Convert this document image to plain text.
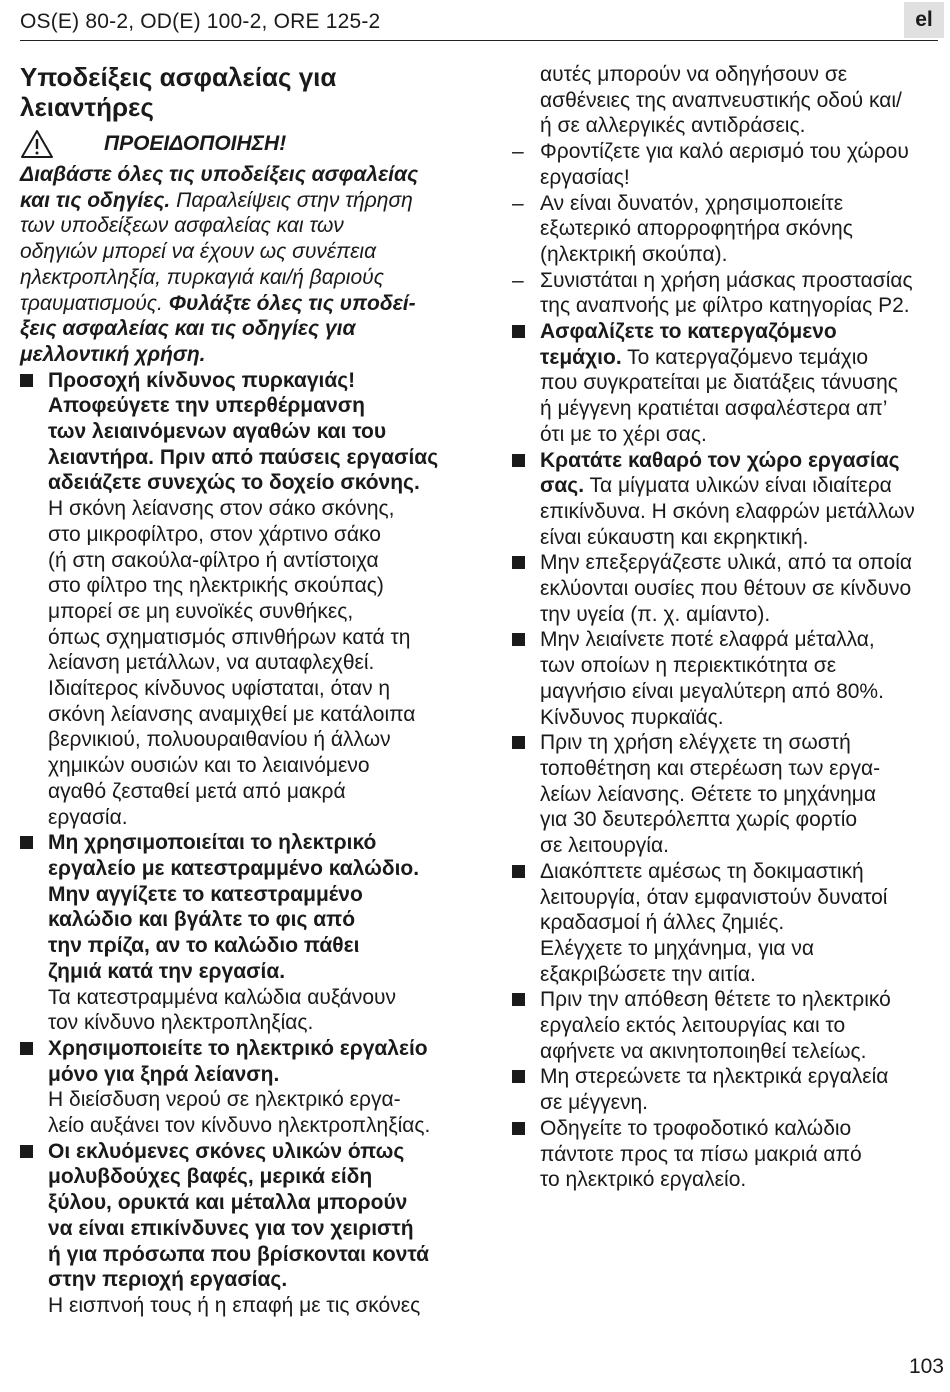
OS(E) 80-2, OD(E) 100-2, ORE 125-2	el
Υποδείξεις ασφαλείας για
λειαντήρες
ΠΡΟΕΙΔΟΠΟΙΗΣΗ!
Διαβάστε όλες τις υποδείξεις ασφαλείας
και τις οδηγίες. Παραλείψεις στην τήρηση
των υποδείξεων ασφαλείας και των
οδηγιών μπορεί να έχουν ως συνέπεια
ηλεκτροπληξία, πυρκαγιά και/ή βαριούς
τραυματισμούς. Φυλάξτε όλες τις υποδεί-
ξεις ασφαλείας και τις οδηγίες για
μελλοντική χρήση.
Προσοχή κίνδυνος πυρκαγιάς!
Αποφεύγετε την υπερθέρμανση
των λειαινόμενων αγαθών και του
λειαντήρα. Πριν από παύσεις εργασίας
αδειάζετε συνεχώς το δοχείο σκόνης.
Η σκόνη λείανσης στον σάκο σκόνης,
στο μικροφίλτρο, στον χάρτινο σάκο
(ή στη σακούλα-φίλτρο ή αντίστοιχα
στο φίλτρο της ηλεκτρικής σκούπας)
μπορεί σε μη ευνοϊκές συνθήκες,
όπως σχηματισμός σπινθήρων κατά τη
λείανση μετάλλων, να αυταφλεχθεί.
Ιδιαίτερος κίνδυνος υφίσταται, όταν η
σκόνη λείανσης αναμιχθεί με κατάλοιπα
βερνικιού, πολυουραιθανίου ή άλλων
χημικών ουσιών και το λειαινόμενο
αγαθό ζεσταθεί μετά από μακρά
εργασία.
Μη χρησιμοποιείται το ηλεκτρικό
εργαλείο με κατεστραμμένο καλώδιο.
Μην αγγίζετε το κατεστραμμένο
καλώδιο και βγάλτε το φις από
την πρίζα, αν το καλώδιο πάθει
ζημιά κατά την εργασία.
Τα κατεστραμμένα καλώδια αυξάνουν
τον κίνδυνο ηλεκτροπληξίας.
Χρησιμοποιείτε το ηλεκτρικό εργαλείο
μόνο για ξηρά λείανση.
Η διείσδυση νερού σε ηλεκτρικό εργα-
λείο αυξάνει τον κίνδυνο ηλεκτροπληξίας.
Οι εκλυόμενες σκόνες υλικών όπως
μολυβδούχες βαφές, μερικά είδη
ξύλου, ορυκτά και μέταλλα μπορούν
να είναι επικίνδυνες για τον χειριστή
ή για πρόσωπα που βρίσκονται κοντά
στην περιοχή εργασίας.
Η εισπνοή τους ή η επαφή με τις σκόνες
αυτές μπορούν να οδηγήσουν σε
ασθένειες της αναπνευστικής οδού και/
ή σε αλλεργικές αντιδράσεις.
– Φροντίζετε για καλό αερισμό του χώρου
εργασίας!
– Αν είναι δυνατόν, χρησιμοποιείτε
εξωτερικό απορροφητήρα σκόνης
(ηλεκτρική σκούπα).
– Συνιστάται η χρήση μάσκας προστασίας
της αναπνοής με φίλτρο κατηγορίας P2.
Ασφαλίζετε το κατεργαζόμενο
τεμάχιο. Το κατεργαζόμενο τεμάχιο
που συγκρατείται με διατάξεις τάνυσης
ή μέγγενη κρατιέται ασφαλέστερα απ’
ότι με το χέρι σας.
Κρατάτε καθαρό τον χώρο εργασίας
σας. Τα μίγματα υλικών είναι ιδιαίτερα
επικίνδυνα. Η σκόνη ελαφρών μετάλλων
είναι εύκαυστη και εκρηκτική.
Μην επεξεργάζεστε υλικά, από τα οποία
εκλύονται ουσίες που θέτουν σε κίνδυνο
την υγεία (π. χ. αμίαντο).
Μην λειαίνετε ποτέ ελαφρά μέταλλα,
των οποίων η περιεκτικότητα σε
μαγνήσιο είναι μεγαλύτερη από 80%.
Κίνδυνος πυρκαϊάς.
Πριν τη χρήση ελέγχετε τη σωστή
τοποθέτηση και στερέωση των εργα-
λείων λείανσης. Θέτετε το μηχάνημα
για 30 δευτερόλεπτα χωρίς φορτίο
σε λειτουργία.
Διακόπτετε αμέσως τη δοκιμαστική
λειτουργία, όταν εμφανιστούν δυνατοί
κραδασμοί ή άλλες ζημιές.
Ελέγχετε το μηχάνημα, για να
εξακριβώσετε την αιτία.
Πριν την απόθεση θέτετε το ηλεκτρικό
εργαλείο εκτός λειτουργίας και το
αφήνετε να ακινητοποιηθεί τελείως.
Μη στερεώνετε τα ηλεκτρικά εργαλεία
σε μέγγενη.
Οδηγείτε το τροφοδοτικό καλώδιο
πάντοτε προς τα πίσω μακριά από
το ηλεκτρικό εργαλείο.
103
